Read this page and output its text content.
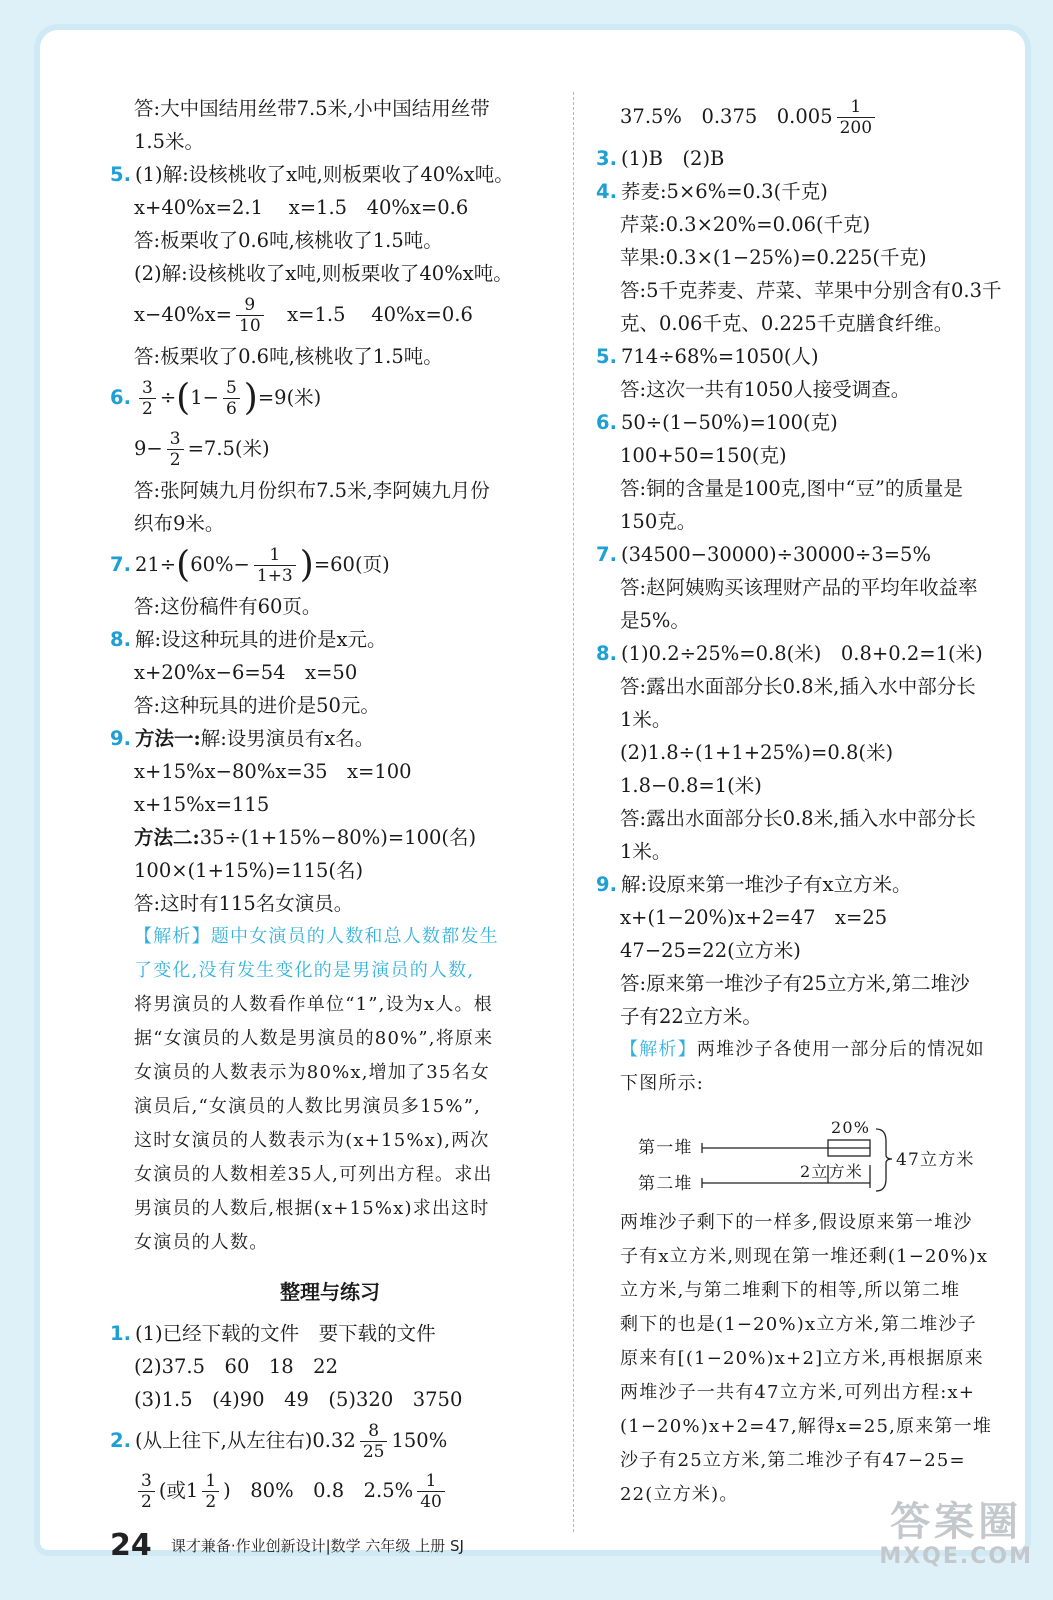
答:大中国结用丝带7.5米,小中国结用丝带
1.5米。
5. (1)解:设核桃收了x吨,则板栗收了40%x吨。
x+40%x=2.1　 x=1.5　40%x=0.6
答:板栗收了0.6吨,核桃收了1.5吨。
(2)解:设核桃收了x吨,则板栗收了40%x吨。
$x-40\%x= \frac{9}{10}$ 　x=1.5　 40%x=0.6
答:板栗收了0.6吨,核桃收了1.5吨。
6. $\frac{3}{2} \div(1- \frac{5}{6} )=9$(米)
$9- \frac{3}{2} =7.5$(米)
答:张阿姨九月份织布7.5米,李阿姨九月份
织布9米。
7. $21\div(60\%- \frac{1}{1+3} )=60$(页)
答:这份稿件有60页。
8. 解:设这种玩具的进价是x元。
x+20%x−6=54　x=50
答:这种玩具的进价是50元。
9. 方法一:解:设男演员有x名。
x+15%x−80%x=35　x=100
x+15%x=115
方法二:35÷(1+15%−80%)=100(名)
100×(1+15%)=115(名)
答:这时有115名女演员。
【解析】题中女演员的人数和总人数都发生
了变化,没有发生变化的是男演员的人数,
将男演员的人数看作单位“1”,设为x人。根
据“女演员的人数是男演员的80%”,将原来
女演员的人数表示为80%x,增加了35名女
演员后,“女演员的人数比男演员多15%”,
这时女演员的人数表示为(x+15%x),两次
女演员的人数相差35人,可列出方程。求出
男演员的人数后,根据(x+15%x)求出这时
女演员的人数。
整理与练习
1. (1)已经下载的文件　要下载的文件
(2)37.5　60　18　22
(3)1.5　(4)90　49　(5)320　3750
2. (从上往下,从左往右)$0.32 \frac{8}{25} 150\%$
$\frac{3}{2}$ (或$1 \frac{1}{2}$ )　80%　0.8　$2.5\% \frac{1}{40}$
37.5%　0.375　$0.005 \frac{1}{200}$
3. (1)B　(2)B
4. 荞麦:5×6%=0.3(千克)
芹菜:0.3×20%=0.06(千克)
苹果:0.3×(1−25%)=0.225(千克)
答:5千克荞麦、芹菜、苹果中分别含有0.3千
克、0.06千克、0.225千克膳食纤维。
5. 714÷68%=1050(人)
答:这次一共有1050人接受调查。
6. 50÷(1−50%)=100(克)
100+50=150(克)
答:铜的含量是100克,图中“豆”的质量是
150克。
7. (34500−30000)÷30000÷3=5%
答:赵阿姨购买该理财产品的平均年收益率
是5%。
8. (1)0.2÷25%=0.8(米)　0.8+0.2=1(米)
答:露出水面部分长0.8米,插入水中部分长
1米。
(2)1.8÷(1+1+25%)=0.8(米)
1.8−0.8=1(米)
答:露出水面部分长0.8米,插入水中部分长
1米。
9. 解:设原来第一堆沙子有x立方米。
x+(1−20%)x+2=47　x=25
47−25=22(立方米)
答:原来第一堆沙子有25立方米,第二堆沙
子有22立方米。
【解析】两堆沙子各使用一部分后的情况如
下图所示:
第一堆
第二堆
20%
2立方米
47立方米
两堆沙子剩下的一样多,假设原来第一堆沙
子有x立方米,则现在第一堆还剩(1−20%)x
立方米,与第二堆剩下的相等,所以第二堆
剩下的也是(1−20%)x立方米,第二堆沙子
原来有[(1−20%)x+2]立方米,再根据原来
两堆沙子一共有47立方米,可列出方程:x+
(1−20%)x+2=47,解得x=25,原来第一堆
沙子有25立方米,第二堆沙子有47−25=
22(立方米)。
24 课才兼备·作业创新设计|数学 六年级 上册 SJ
答案圈
MXQE.COM
